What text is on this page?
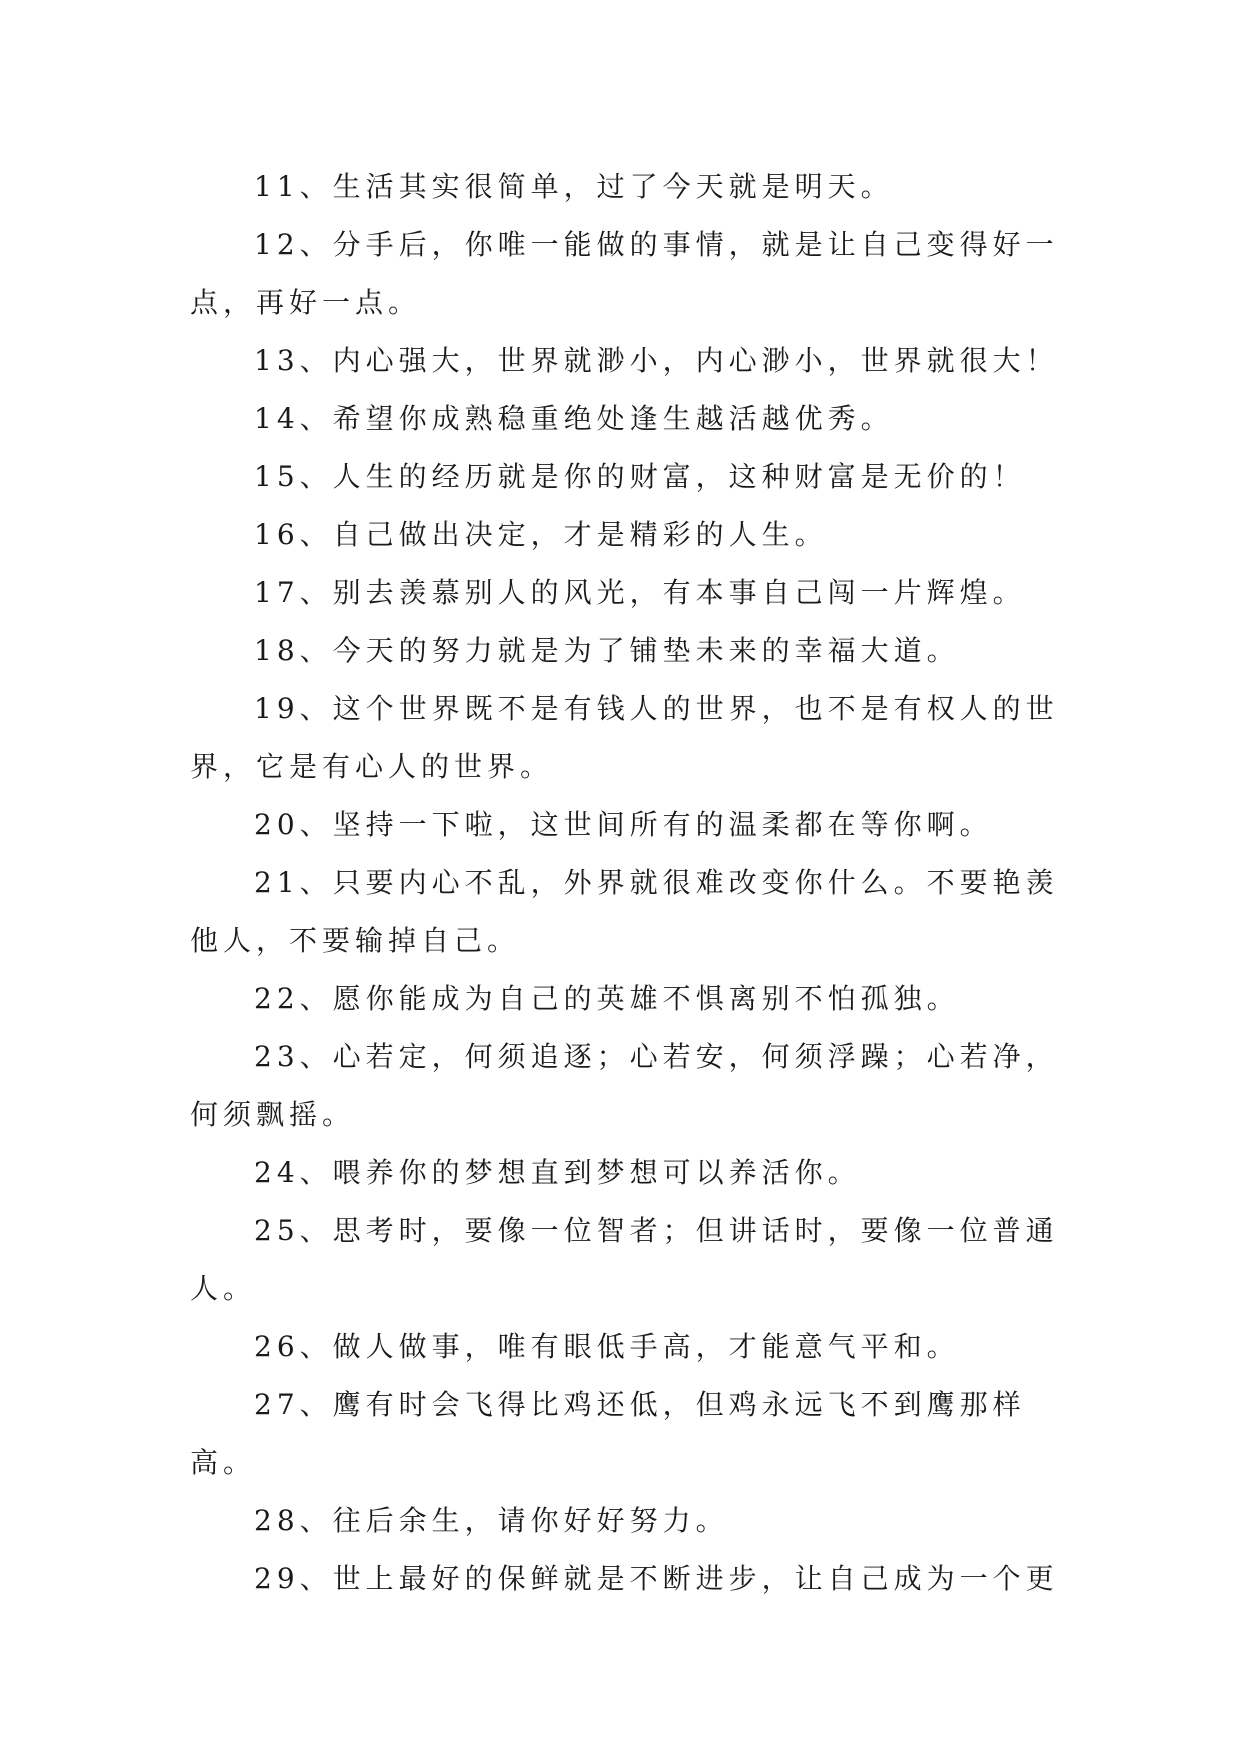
11、生活其实很简单，过了今天就是明天。

12、分手后，你唯一能做的事情，就是让自己变得好一点，再好一点。

13、内心强大，世界就渺小，内心渺小，世界就很大！

14、希望你成熟稳重绝处逢生越活越优秀。

15、人生的经历就是你的财富，这种财富是无价的！

16、自己做出决定，才是精彩的人生。

17、别去羡慕别人的风光，有本事自己闯一片辉煌。

18、今天的努力就是为了铺垫未来的幸福大道。

19、这个世界既不是有钱人的世界，也不是有权人的世界，它是有心人的世界。

20、坚持一下啦，这世间所有的温柔都在等你啊。

21、只要内心不乱，外界就很难改变你什么。不要艳羡他人，不要输掉自己。

22、愿你能成为自己的英雄不惧离别不怕孤独。

23、心若定，何须追逐；心若安，何须浮躁；心若净，何须飘摇。

24、喂养你的梦想直到梦想可以养活你。

25、思考时，要像一位智者；但讲话时，要像一位普通人。

26、做人做事，唯有眼低手高，才能意气平和。

27、鹰有时会飞得比鸡还低，但鸡永远飞不到鹰那样高。

28、往后余生，请你好好努力。

29、世上最好的保鲜就是不断进步，让自己成为一个更
